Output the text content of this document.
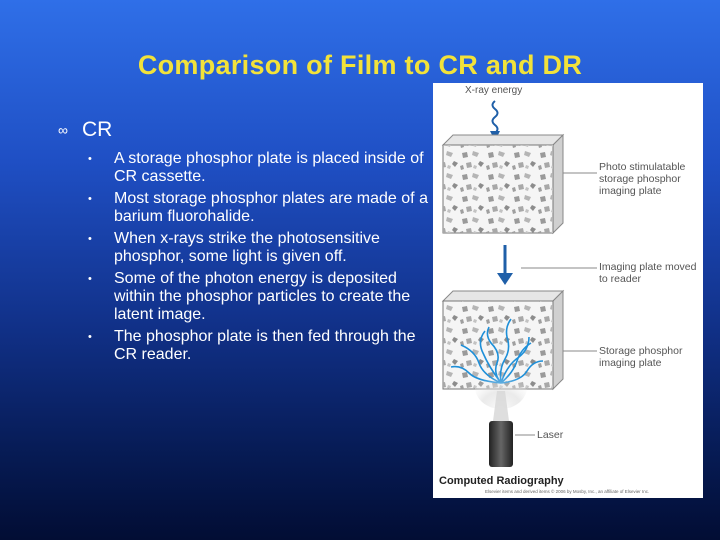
Comparison of Film to CR and DR
∞ CR
• A storage phosphor plate is placed inside of CR cassette.
• Most storage phosphor plates are made of a barium fluorohalide.
• When x-rays strike the photosensitive phosphor, some light is given off.
• Some of the photon energy is deposited within the phosphor particles to create the latent image.
• The phosphor plate is then fed through the CR reader.
X-ray energy
Photo stimulatable storage phosphor imaging plate
Imaging plate moved to reader
Storage phosphor imaging plate
Laser
Computed Radiography
Elsevier items and derived items © 2006 by Mosby, Inc., an affiliate of Elsevier Inc.
